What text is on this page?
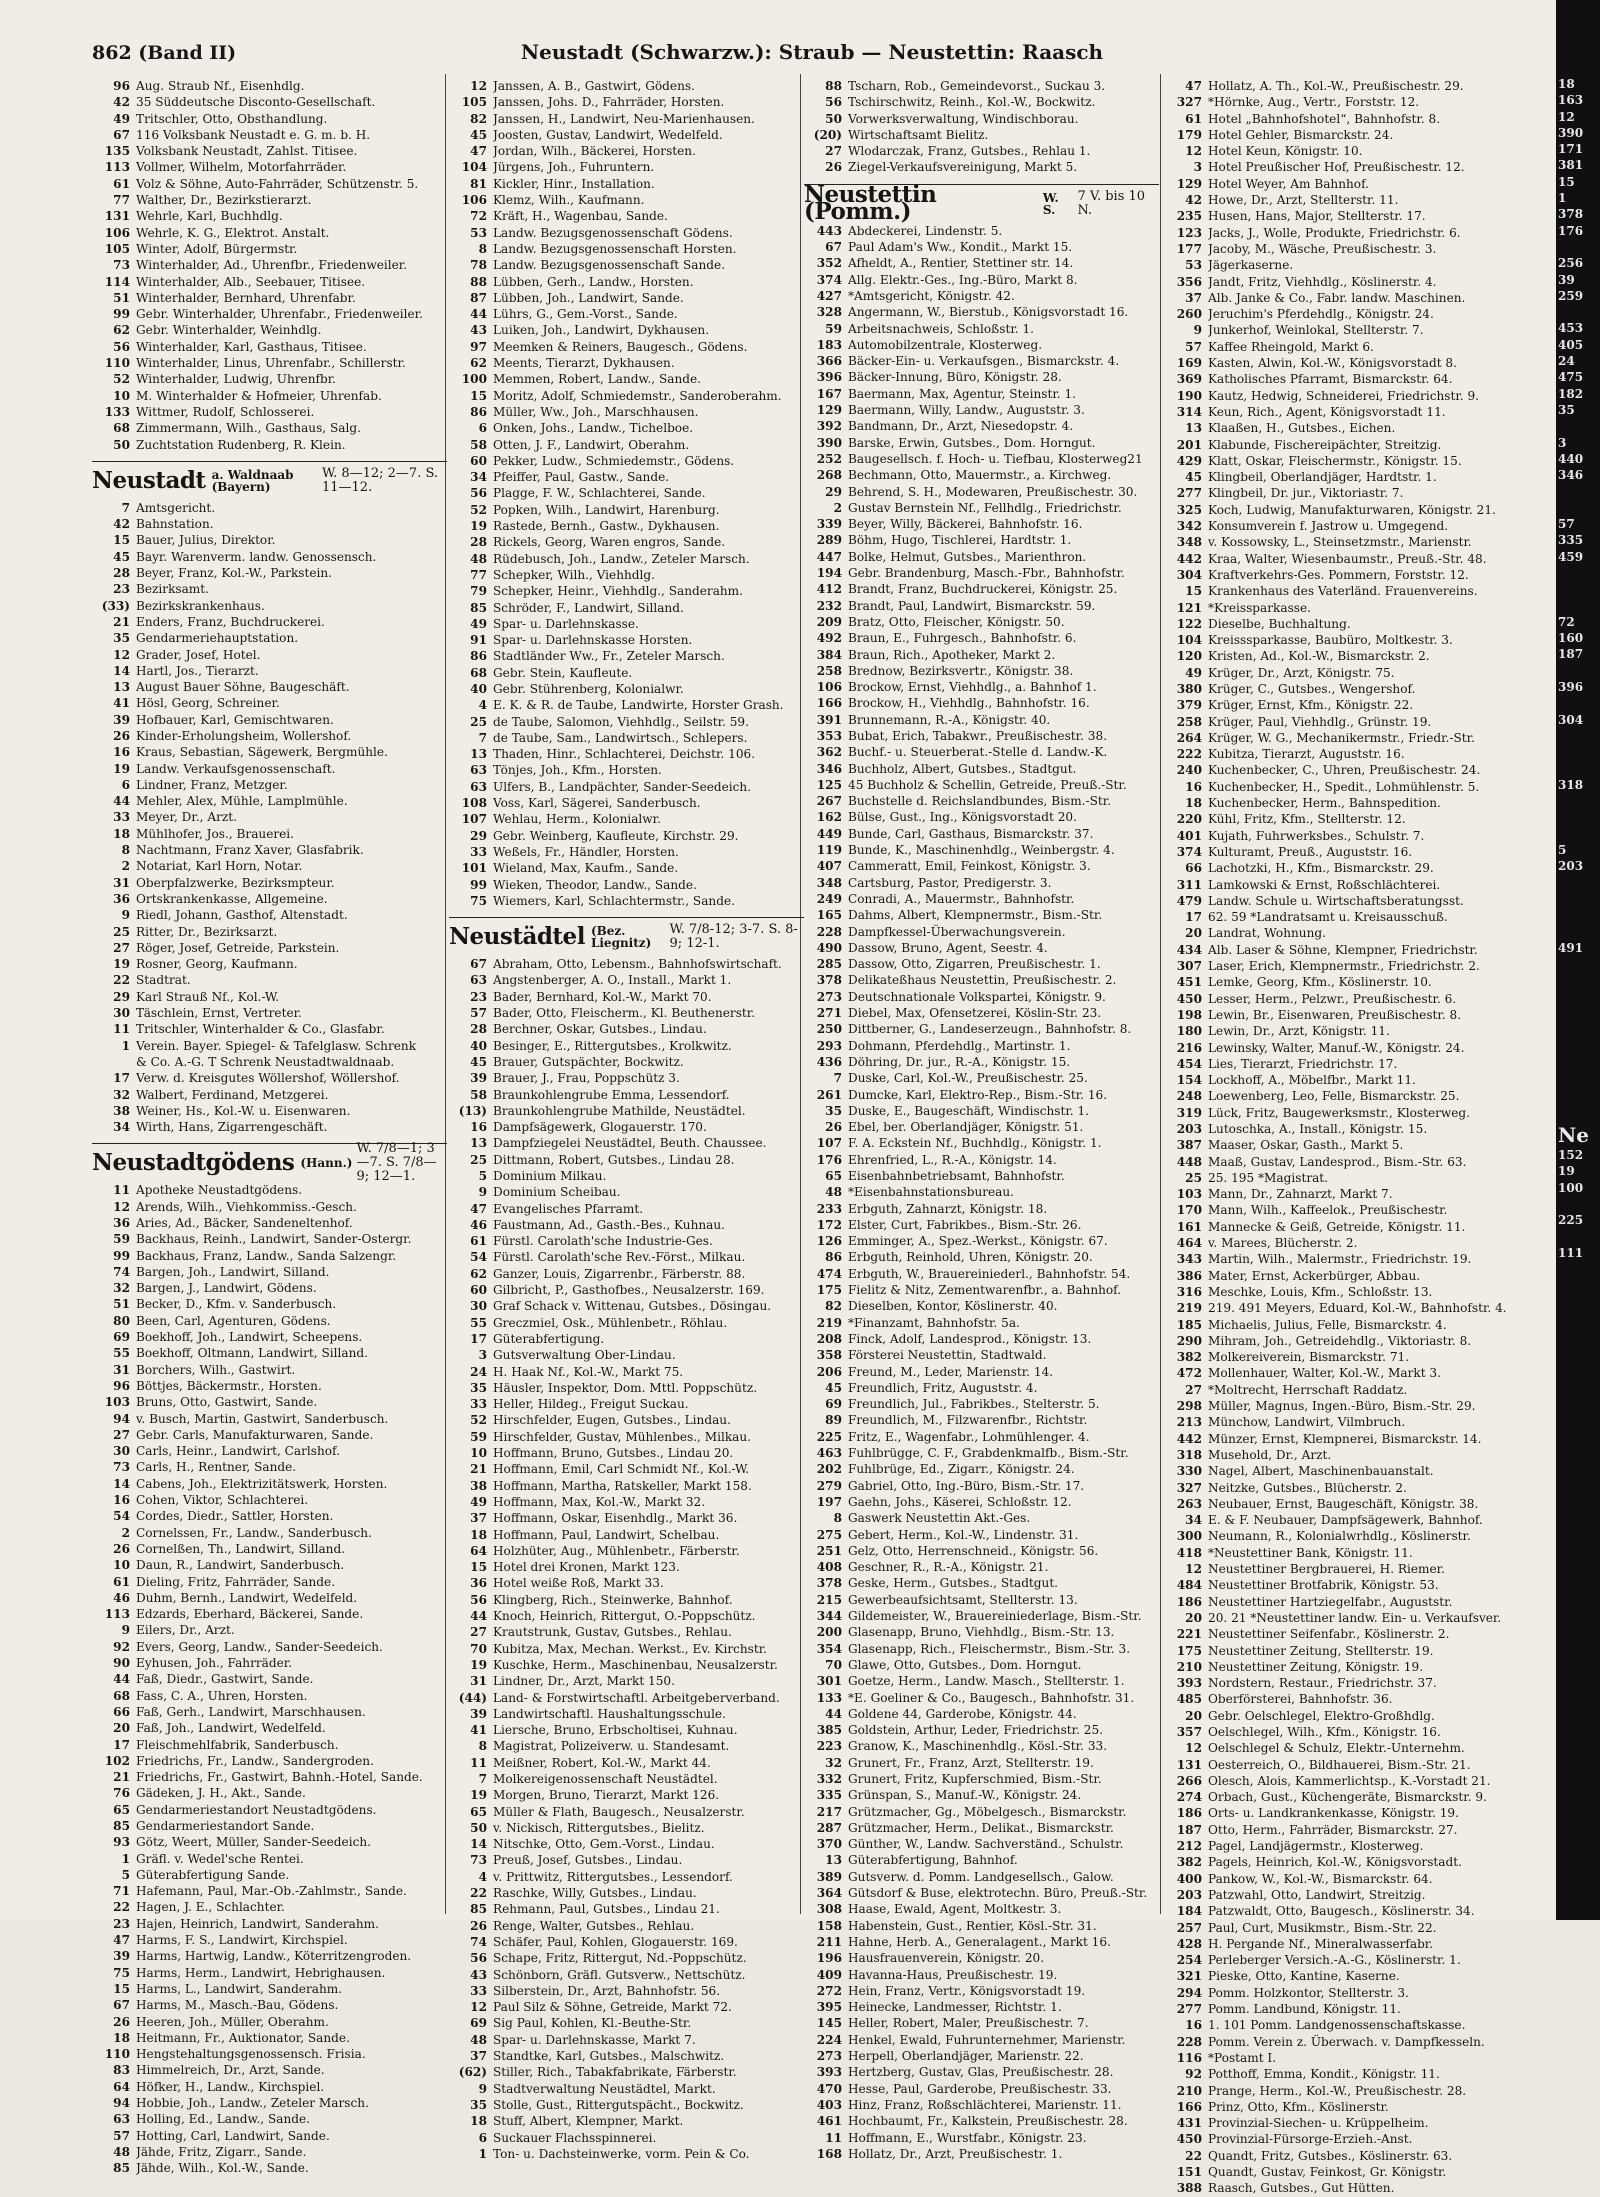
862 (Band II)	Neustadt (Schwarzw.): Straub — Neustettin: Raasch
96 Aug. Straub Nf., Eisenhdlg.
42 35 Süddeutsche Disconto-Gesellschaft.
49 Tritschler, Otto, Obsthandlung.
67 116 Volksbank Neustadt e. G. m. b. H.
135 Volksbank Neustadt, Zahlst. Titisee.
113 Vollmer, Wilhelm, Motorfahrräder.
61 Volz & Söhne, Auto-Fahrräder, Schützenstr. 5.
77 Walther, Dr., Bezirkstierarzt.
131 Wehrle, Karl, Buchhdlg.
106 Wehrle, K. G., Elektrot. Anstalt.
105 Winter, Adolf, Bürgermstr.
73 Winterhalder, Ad., Uhrenfbr., Friedenweiler.
114 Winterhalder, Alb., Seebauer, Titisee.
51 Winterhalder, Bernhard, Uhrenfabr.
99 Gebr. Winterhalder, Uhrenfabr., Friedenweiler.
62 Gebr. Winterhalder, Weinhdlg.
56 Winterhalder, Karl, Gasthaus, Titisee.
110 Winterhalder, Linus, Uhrenfabr., Schillerstr.
52 Winterhalder, Ludwig, Uhrenfbr.
10 M. Winterhalder & Hofmeier, Uhrenfab.
133 Wittmer, Rudolf, Schlosserei.
68 Zimmermann, Wilh., Gasthaus, Salg.
50 Zuchtstation Rudenberg, R. Klein.
Neustadt a. Waldnaab (Bayern)
W. 8—12; 2—7. S. 11—12.
7 Amtsgericht.
42 Bahnstation.
15 Bauer, Julius, Direktor.
45 Bayr. Warenverm. landw. Genossensch.
28 Beyer, Franz, Kol.-W., Parkstein.
23 Bezirksamt.
(33) Bezirkskrankenhaus.
21 Enders, Franz, Buchdruckerei.
35 Gendarmeriehauptstation.
12 Grader, Josef, Hotel.
14 Hartl, Jos., Tierarzt.
13 August Bauer Söhne, Baugeschäft.
41 Hösl, Georg, Schreiner.
39 Hofbauer, Karl, Gemischtwaren.
26 Kinder-Erholungsheim, Wollershof.
16 Kraus, Sebastian, Sägewerk, Bergmühle.
19 Landw. Verkaufsgenossenschaft.
6 Lindner, Franz, Metzger.
44 Mehler, Alex, Mühle, Lamplmühle.
33 Meyer, Dr., Arzt.
18 Mühlhofer, Jos., Brauerei.
8 Nachtmann, Franz Xaver, Glasfabrik.
2 Notariat, Karl Horn, Notar.
31 Oberpfalzwerke, Bezirksmpteur.
36 Ortskrankenkasse, Allgemeine.
9 Riedl, Johann, Gasthof, Altenstadt.
25 Ritter, Dr., Bezirksarzt.
27 Röger, Josef, Getreide, Parkstein.
19 Rosner, Georg, Kaufmann.
22 Stadtrat.
29 Karl Strauß Nf., Kol.-W.
30 Täschlein, Ernst, Vertreter.
11 Tritschler, Winterhalder & Co., Glasfabr.
1 Verein. Bayer. Spiegel- & Tafelglasw. Schrenk
& Co. A.-G. T Schrenk Neustadtwaldnaab.
17 Verw. d. Kreisgutes Wöllershof, Wöllershof.
32 Walbert, Ferdinand, Metzgerei.
38 Weiner, Hs., Kol.-W. u. Eisenwaren.
34 Wirth, Hans, Zigarrengeschäft.
Neustadtgödens (Hann.)
W. 7/8—1; 3—7. S. 7/8—9; 12—1.
11 Apotheke Neustadtgödens.
12 Arends, Wilh., Viehkommiss.-Gesch.
36 Aries, Ad., Bäcker, Sandeneltenhof.
59 Backhaus, Reinh., Landwirt, Sander-Ostergr.
99 Backhaus, Franz, Landw., Sanda Salzengr.
74 Bargen, Joh., Landwirt, Silland.
32 Bargen, J., Landwirt, Gödens.
51 Becker, D., Kfm. v. Sanderbusch.
80 Been, Carl, Agenturen, Gödens.
69 Boekhoff, Joh., Landwirt, Scheepens.
55 Boekhoff, Oltmann, Landwirt, Silland.
31 Borchers, Wilh., Gastwirt.
96 Böttjes, Bäckermstr., Horsten.
103 Bruns, Otto, Gastwirt, Sande.
94 v. Busch, Martin, Gastwirt, Sanderbusch.
27 Gebr. Carls, Manufakturwaren, Sande.
30 Carls, Heinr., Landwirt, Carlshof.
73 Carls, H., Rentner, Sande.
14 Cabens, Joh., Elektrizitätswerk, Horsten.
16 Cohen, Viktor, Schlachterei.
54 Cordes, Diedr., Sattler, Horsten.
2 Cornelssen, Fr., Landw., Sanderbusch.
26 Cornelßen, Th., Landwirt, Silland.
10 Daun, R., Landwirt, Sanderbusch.
61 Dieling, Fritz, Fahrräder, Sande.
46 Duhm, Bernh., Landwirt, Wedelfeld.
113 Edzards, Eberhard, Bäckerei, Sande.
9 Eilers, Dr., Arzt.
92 Evers, Georg, Landw., Sander-Seedeich.
90 Eyhusen, Joh., Fahrräder.
44 Faß, Diedr., Gastwirt, Sande.
68 Fass, C. A., Uhren, Horsten.
66 Faß, Gerh., Landwirt, Marschhausen.
20 Faß, Joh., Landwirt, Wedelfeld.
17 Fleischmehlfabrik, Sanderbusch.
102 Friedrichs, Fr., Landw., Sandergroden.
21 Friedrichs, Fr., Gastwirt, Bahnh.-Hotel, Sande.
76 Gädeken, J. H., Akt., Sande.
65 Gendarmeriestandort Neustadtgödens.
85 Gendarmeriestandort Sande.
93 Götz, Weert, Müller, Sander-Seedeich.
1 Gräfl. v. Wedel'sche Rentei.
5 Güterabfertigung Sande.
71 Hafemann, Paul, Mar.-Ob.-Zahlmstr., Sande.
22 Hagen, J. E., Schlachter.
23 Hajen, Heinrich, Landwirt, Sanderahm.
47 Harms, F. S., Landwirt, Kirchspiel.
39 Harms, Hartwig, Landw., Köterritzengroden.
75 Harms, Herm., Landwirt, Hebrighausen.
15 Harms, L., Landwirt, Sanderahm.
67 Harms, M., Masch.-Bau, Gödens.
26 Heeren, Joh., Müller, Oberahm.
18 Heitmann, Fr., Auktionator, Sande.
110 Hengstehaltungsgenossensch. Frisia.
83 Himmelreich, Dr., Arzt, Sande.
64 Höfker, H., Landw., Kirchspiel.
94 Hobbie, Joh., Landw., Zeteler Marsch.
63 Holling, Ed., Landw., Sande.
57 Hotting, Carl, Landwirt, Sande.
48 Jähde, Fritz, Zigarr., Sande.
85 Jähde, Wilh., Kol.-W., Sande.
12 Janssen, A. B., Gastwirt, Gödens.
105 Janssen, Johs. D., Fahrräder, Horsten.
82 Janssen, H., Landwirt, Neu-Marienhausen.
45 Joosten, Gustav, Landwirt, Wedelfeld.
47 Jordan, Wilh., Bäckerei, Horsten.
104 Jürgens, Joh., Fuhruntern.
81 Kickler, Hinr., Installation.
106 Klemz, Wilh., Kaufmann.
72 Kräft, H., Wagenbau, Sande.
53 Landw. Bezugsgenossenschaft Gödens.
8 Landw. Bezugsgenossenschaft Horsten.
78 Landw. Bezugsgenossenschaft Sande.
88 Lübben, Gerh., Landw., Horsten.
87 Lübben, Joh., Landwirt, Sande.
44 Lührs, G., Gem.-Vorst., Sande.
43 Luiken, Joh., Landwirt, Dykhausen.
97 Meemken & Reiners, Baugesch., Gödens.
62 Meents, Tierarzt, Dykhausen.
100 Memmen, Robert, Landw., Sande.
15 Moritz, Adolf, Schmiedemstr., Sanderoberahm.
86 Müller, Ww., Joh., Marschhausen.
6 Onken, Johs., Landw., Tichelboe.
58 Otten, J. F., Landwirt, Oberahm.
60 Pekker, Ludw., Schmiedemstr., Gödens.
34 Pfeiffer, Paul, Gastw., Sande.
56 Plagge, F. W., Schlachterei, Sande.
52 Popken, Wilh., Landwirt, Harenburg.
19 Rastede, Bernh., Gastw., Dykhausen.
28 Rickels, Georg, Waren engros, Sande.
48 Rüdebusch, Joh., Landw., Zeteler Marsch.
77 Schepker, Wilh., Viehhdlg.
79 Schepker, Heinr., Viehhdlg., Sanderahm.
85 Schröder, F., Landwirt, Silland.
49 Spar- u. Darlehnskasse.
91 Spar- u. Darlehnskasse Horsten.
86 Stadtländer Ww., Fr., Zeteler Marsch.
68 Gebr. Stein, Kaufleute.
40 Gebr. Stührenberg, Kolonialwr.
4 E. K. & R. de Taube, Landwirte, Horster Grash.
25 de Taube, Salomon, Viehhdlg., Seilstr. 59.
7 de Taube, Sam., Landwirtsch., Schlepers.
13 Thaden, Hinr., Schlachterei, Deichstr. 106.
63 Tönjes, Joh., Kfm., Horsten.
63 Ulfers, B., Landpächter, Sander-Seedeich.
108 Voss, Karl, Sägerei, Sanderbusch.
107 Wehlau, Herm., Kolonialwr.
29 Gebr. Weinberg, Kaufleute, Kirchstr. 29.
33 Weßels, Fr., Händler, Horsten.
101 Wieland, Max, Kaufm., Sande.
99 Wieken, Theodor, Landw., Sande.
75 Wiemers, Karl, Schlachtermstr., Sande.
Neustädtel (Bez. Liegnitz)
W. 7/8-12; 3-7. S. 8-9; 12-1.
67 Abraham, Otto, Lebensm., Bahnhofswirtschaft.
63 Angstenberger, A. O., Install., Markt 1.
23 Bader, Bernhard, Kol.-W., Markt 70.
57 Bader, Otto, Fleischerm., Kl. Beuthenerstr.
28 Berchner, Oskar, Gutsbes., Lindau.
40 Besinger, E., Rittergutsbes., Krolkwitz.
45 Brauer, Gutspächter, Bockwitz.
39 Brauer, J., Frau, Poppschütz 3.
58 Braunkohlengrube Emma, Lessendorf.
(13) Braunkohlengrube Mathilde, Neustädtel.
16 Dampfsägewerk, Glogauerstr. 170.
13 Dampfziegelei Neustädtel, Beuth. Chaussee.
25 Dittmann, Robert, Gutsbes., Lindau 28.
5 Dominium Milkau.
9 Dominium Scheibau.
47 Evangelisches Pfarramt.
46 Faustmann, Ad., Gasth.-Bes., Kuhnau.
61 Fürstl. Carolath'sche Industrie-Ges.
54 Fürstl. Carolath'sche Rev.-Först., Milkau.
62 Ganzer, Louis, Zigarrenbr., Färberstr. 88.
60 Gilbricht, P., Gasthofbes., Neusalzerstr. 169.
30 Graf Schack v. Wittenau, Gutsbes., Dösingau.
55 Greczmiel, Osk., Mühlenbetr., Röhlau.
17 Güterabfertigung.
3 Gutsverwaltung Ober-Lindau.
24 H. Haak Nf., Kol.-W., Markt 75.
35 Häusler, Inspektor, Dom. Mttl. Poppschütz.
33 Heller, Hildeg., Freigut Suckau.
52 Hirschfelder, Eugen, Gutsbes., Lindau.
59 Hirschfelder, Gustav, Mühlenbes., Milkau.
10 Hoffmann, Bruno, Gutsbes., Lindau 20.
21 Hoffmann, Emil, Carl Schmidt Nf., Kol.-W.
38 Hoffmann, Martha, Ratskeller, Markt 158.
49 Hoffmann, Max, Kol.-W., Markt 32.
37 Hoffmann, Oskar, Eisenhdlg., Markt 36.
18 Hoffmann, Paul, Landwirt, Schelbau.
64 Holzhüter, Aug., Mühlenbetr., Färberstr.
15 Hotel drei Kronen, Markt 123.
36 Hotel weiße Roß, Markt 33.
56 Klingberg, Rich., Steinwerke, Bahnhof.
44 Knoch, Heinrich, Rittergut, O.-Poppschütz.
27 Krautstrunk, Gustav, Gutsbes., Rehlau.
70 Kubitza, Max, Mechan. Werkst., Ev. Kirchstr.
19 Kuschke, Herm., Maschinenbau, Neusalzerstr.
31 Lindner, Dr., Arzt, Markt 150.
(44) Land- & Forstwirtschaftl. Arbeitgeberverband.
39 Landwirtschaftl. Haushaltungsschule.
41 Liersche, Bruno, Erbscholtisei, Kuhnau.
8 Magistrat, Polizeiverw. u. Standesamt.
11 Meißner, Robert, Kol.-W., Markt 44.
7 Molkereigenossenschaft Neustädtel.
19 Morgen, Bruno, Tierarzt, Markt 126.
65 Müller & Flath, Baugesch., Neusalzerstr.
50 v. Nickisch, Rittergutsbes., Bielitz.
14 Nitschke, Otto, Gem.-Vorst., Lindau.
73 Preuß, Josef, Gutsbes., Lindau.
4 v. Prittwitz, Rittergutsbes., Lessendorf.
22 Raschke, Willy, Gutsbes., Lindau.
85 Rehmann, Paul, Gutsbes., Lindau 21.
26 Renge, Walter, Gutsbes., Rehlau.
74 Schäfer, Paul, Kohlen, Glogauerstr. 169.
56 Schape, Fritz, Rittergut, Nd.-Poppschütz.
43 Schönborn, Gräfl. Gutsverw., Nettschütz.
33 Silberstein, Dr., Arzt, Bahnhofstr. 56.
12 Paul Silz & Söhne, Getreide, Markt 72.
69 Sig Paul, Kohlen, Kl.-Beuthe-Str.
48 Spar- u. Darlehnskasse, Markt 7.
37 Standtke, Karl, Gutsbes., Malschwitz.
(62) Stiller, Rich., Tabakfabrikate, Färberstr.
9 Stadtverwaltung Neustädtel, Markt.
35 Stolle, Gust., Rittergutspächt., Bockwitz.
18 Stuff, Albert, Klempner, Markt.
6 Suckauer Flachsspinnerei.
1 Ton- u. Dachsteinwerke, vorm. Pein & Co.
88 Tscharn, Rob., Gemeindevorst., Suckau 3.
56 Tschirschwitz, Reinh., Kol.-W., Bockwitz.
50 Vorwerksverwaltung, Windischborau.
(20) Wirtschaftsamt Bielitz.
27 Wlodarczak, Franz, Gutsbes., Rehlau 1.
26 Ziegel-Verkaufsvereinigung, Markt 5.
Neustettin (Pomm.)	W. S.
7 V. bis 10 N.
443 Abdeckerei, Lindenstr. 5.
67 Paul Adam's Ww., Kondit., Markt 15.
352 Afheldt, A., Rentier, Stettiner str. 14.
374 Allg. Elektr.-Ges., Ing.-Büro, Markt 8.
427 *Amtsgericht, Königstr. 42.
328 Angermann, W., Bierstub., Königsvorstadt 16.
59 Arbeitsnachweis, Schloßstr. 1.
183 Automobilzentrale, Klosterweg.
366 Bäcker-Ein- u. Verkaufsgen., Bismarckstr. 4.
396 Bäcker-Innung, Büro, Königstr. 28.
167 Baermann, Max, Agentur, Steinstr. 1.
129 Baermann, Willy, Landw., Auguststr. 3.
392 Bandmann, Dr., Arzt, Niesedopstr. 4.
390 Barske, Erwin, Gutsbes., Dom. Horngut.
252 Baugesellsch. f. Hoch- u. Tiefbau, Klosterweg21
268 Bechmann, Otto, Mauermstr., a. Kirchweg.
29 Behrend, S. H., Modewaren, Preußischestr. 30.
2 Gustav Bernstein Nf., Fellhdlg., Friedrichstr.
339 Beyer, Willy, Bäckerei, Bahnhofstr. 16.
289 Böhm, Hugo, Tischlerei, Hardtstr. 1.
447 Bolke, Helmut, Gutsbes., Marienthron.
194 Gebr. Brandenburg, Masch.-Fbr., Bahnhofstr.
412 Brandt, Franz, Buchdruckerei, Königstr. 25.
232 Brandt, Paul, Landwirt, Bismarckstr. 59.
209 Bratz, Otto, Fleischer, Königstr. 50.
492 Braun, E., Fuhrgesch., Bahnhofstr. 6.
384 Braun, Rich., Apotheker, Markt 2.
258 Brednow, Bezirksvertr., Königstr. 38.
106 Brockow, Ernst, Viehhdlg., a. Bahnhof 1.
166 Brockow, H., Viehhdlg., Bahnhofstr. 16.
391 Brunnemann, R.-A., Königstr. 40.
353 Bubat, Erich, Tabakwr., Preußischestr. 38.
362 Buchf.- u. Steuerberat.-Stelle d. Landw.-K.
346 Buchholz, Albert, Gutsbes., Stadtgut.
125 45 Buchholz & Schellin, Getreide, Preuß.-Str.
267 Buchstelle d. Reichslandbundes, Bism.-Str.
162 Bülse, Gust., Ing., Königsvorstadt 20.
449 Bunde, Carl, Gasthaus, Bismarckstr. 37.
119 Bunde, K., Maschinenhdlg., Weinbergstr. 4.
407 Cammeratt, Emil, Feinkost, Königstr. 3.
348 Cartsburg, Pastor, Predigerstr. 3.
249 Conradi, A., Mauermstr., Bahnhofstr.
165 Dahms, Albert, Klempnermstr., Bism.-Str.
228 Dampfkessel-Überwachungsverein.
490 Dassow, Bruno, Agent, Seestr. 4.
285 Dassow, Otto, Zigarren, Preußischestr. 1.
378 Delikateßhaus Neustettin, Preußischestr. 2.
273 Deutschnationale Volkspartei, Königstr. 9.
271 Diebel, Max, Ofensetzerei, Köslin-Str. 23.
250 Dittberner, G., Landeserzeugn., Bahnhofstr. 8.
293 Dohmann, Pferdehdlg., Martinstr. 1.
436 Döhring, Dr. jur., R.-A., Königstr. 15.
7 Duske, Carl, Kol.-W., Preußischestr. 25.
261 Dumcke, Karl, Elektro-Rep., Bism.-Str. 16.
35 Duske, E., Baugeschäft, Windischstr. 1.
26 Ebel, ber. Oberlandjäger, Königstr. 51.
107 F. A. Eckstein Nf., Buchhdlg., Königstr. 1.
176 Ehrenfried, L., R.-A., Königstr. 14.
65 Eisenbahnbetriebsamt, Bahnhofstr.
48 *Eisenbahnstationsbureau.
233 Erbguth, Zahnarzt, Königstr. 18.
172 Elster, Curt, Fabrikbes., Bism.-Str. 26.
126 Emminger, A., Spez.-Werkst., Königstr. 67.
86 Erbguth, Reinhold, Uhren, Königstr. 20.
474 Erbguth, W., Brauereiniederl., Bahnhofstr. 54.
175 Fielitz & Nitz, Zementwarenfbr., a. Bahnhof.
82 Dieselben, Kontor, Köslinerstr. 40.
219 *Finanzamt, Bahnhofstr. 5a.
208 Finck, Adolf, Landesprod., Königstr. 13.
358 Försterei Neustettin, Stadtwald.
206 Freund, M., Leder, Marienstr. 14.
45 Freundlich, Fritz, Auguststr. 4.
69 Freundlich, Jul., Fabrikbes., Stelterstr. 5.
89 Freundlich, M., Filzwarenfbr., Richtstr.
225 Fritz, E., Wagenfabr., Lohmühlenger. 4.
463 Fuhlbrügge, C. F., Grabdenkmalfb., Bism.-Str.
202 Fuhlbrüge, Ed., Zigarr., Königstr. 24.
279 Gabriel, Otto, Ing.-Büro, Bism.-Str. 17.
197 Gaehn, Johs., Käserei, Schloßstr. 12.
8 Gaswerk Neustettin Akt.-Ges.
275 Gebert, Herm., Kol.-W., Lindenstr. 31.
251 Gelz, Otto, Herrenschneid., Königstr. 56.
408 Geschner, R., R.-A., Königstr. 21.
378 Geske, Herm., Gutsbes., Stadtgut.
215 Gewerbeaufsichtsamt, Stellterstr. 13.
344 Gildemeister, W., Brauereiniederlage, Bism.-Str.
200 Glasenapp, Bruno, Viehhdlg., Bism.-Str. 13.
354 Glasenapp, Rich., Fleischermstr., Bism.-Str. 3.
70 Glawe, Otto, Gutsbes., Dom. Horngut.
301 Goetze, Herm., Landw. Masch., Stellterstr. 1.
133 *E. Goeliner & Co., Baugesch., Bahnhofstr. 31.
44 Goldene 44, Garderobe, Königstr. 44.
385 Goldstein, Arthur, Leder, Friedrichstr. 25.
223 Granow, K., Maschinenhdlg., Kösl.-Str. 33.
32 Grunert, Fr., Franz, Arzt, Stellterstr. 19.
332 Grunert, Fritz, Kupferschmied, Bism.-Str.
335 Grünspan, S., Manuf.-W., Königstr. 24.
217 Grützmacher, Gg., Möbelgesch., Bismarckstr.
287 Grützmacher, Herm., Delikat., Bismarckstr.
370 Günther, W., Landw. Sachverständ., Schulstr.
13 Güterabfertigung, Bahnhof.
389 Gutsverw. d. Pomm. Landgesellsch., Galow.
364 Gütsdorf & Buse, elektrotechn. Büro, Preuß.-Str.
308 Haase, Ewald, Agent, Moltkestr. 3.
158 Habenstein, Gust., Rentier, Kösl.-Str. 31.
211 Hahne, Herb. A., Generalagent., Markt 16.
196 Hausfrauenverein, Königstr. 20.
409 Havanna-Haus, Preußischestr. 19.
272 Hein, Franz, Vertr., Königsvorstadt 19.
395 Heinecke, Landmesser, Richtstr. 1.
145 Heller, Robert, Maler, Preußischestr. 7.
224 Henkel, Ewald, Fuhrunternehmer, Marienstr.
273 Herpell, Oberlandjäger, Marienstr. 22.
393 Hertzberg, Gustav, Glas, Preußischestr. 28.
470 Hesse, Paul, Garderobe, Preußischestr. 33.
403 Hinz, Franz, Roßschlächterei, Marienstr. 11.
461 Hochbaumt, Fr., Kalkstein, Preußischestr. 28.
11 Hoffmann, E., Wurstfabr., Königstr. 23.
168 Hollatz, Dr., Arzt, Preußischestr. 1.
47 Hollatz, A. Th., Kol.-W., Preußischestr. 29.
327 *Hörnke, Aug., Vertr., Forststr. 12.
61 Hotel „Bahnhofshotel“, Bahnhofstr. 8.
179 Hotel Gehler, Bismarckstr. 24.
12 Hotel Keun, Königstr. 10.
3 Hotel Preußischer Hof, Preußischestr. 12.
129 Hotel Weyer, Am Bahnhof.
42 Howe, Dr., Arzt, Stellterstr. 11.
235 Husen, Hans, Major, Stellterstr. 17.
123 Jacks, J., Wolle, Produkte, Friedrichstr. 6.
177 Jacoby, M., Wäsche, Preußischestr. 3.
53 Jägerkaserne.
356 Jandt, Fritz, Viehhdlg., Köslinerstr. 4.
37 Alb. Janke & Co., Fabr. landw. Maschinen.
260 Jeruchim's Pferdehdlg., Königstr. 24.
9 Junkerhof, Weinlokal, Stellterstr. 7.
57 Kaffee Rheingold, Markt 6.
169 Kasten, Alwin, Kol.-W., Königsvorstadt 8.
369 Katholisches Pfarramt, Bismarckstr. 64.
190 Kautz, Hedwig, Schneiderei, Friedrichstr. 9.
314 Keun, Rich., Agent, Königsvorstadt 11.
13 Klaaßen, H., Gutsbes., Eichen.
201 Klabunde, Fischereipächter, Streitzig.
429 Klatt, Oskar, Fleischermstr., Königstr. 15.
45 Klingbeil, Oberlandjäger, Hardtstr. 1.
277 Klingbeil, Dr. jur., Viktoriastr. 7.
325 Koch, Ludwig, Manufakturwaren, Königstr. 21.
342 Konsumverein f. Jastrow u. Umgegend.
348 v. Kossowsky, L., Steinsetzmstr., Marienstr.
442 Kraa, Walter, Wiesenbaumstr., Preuß.-Str. 48.
304 Kraftverkehrs-Ges. Pommern, Forststr. 12.
15 Krankenhaus des Vaterländ. Frauenvereins.
121 *Kreissparkasse.
122 Dieselbe, Buchhaltung.
104 Kreisssparkasse, Baubüro, Moltkestr. 3.
120 Kristen, Ad., Kol.-W., Bismarckstr. 2.
49 Krüger, Dr., Arzt, Königstr. 75.
380 Krüger, C., Gutsbes., Wengershof.
379 Krüger, Ernst, Kfm., Königstr. 22.
258 Krüger, Paul, Viehhdlg., Grünstr. 19.
264 Krüger, W. G., Mechanikermstr., Friedr.-Str.
222 Kubitza, Tierarzt, Auguststr. 16.
240 Kuchenbecker, C., Uhren, Preußischestr. 24.
16 Kuchenbecker, H., Spedit., Lohmühlenstr. 5.
18 Kuchenbecker, Herm., Bahnspedition.
220 Kühl, Fritz, Kfm., Stellterstr. 12.
401 Kujath, Fuhrwerksbes., Schulstr. 7.
374 Kulturamt, Preuß., Auguststr. 16.
66 Lachotzki, H., Kfm., Bismarckstr. 29.
311 Lamkowski & Ernst, Roßschlächterei.
479 Landw. Schule u. Wirtschaftsberatungsst.
17 62. 59 *Landratsamt u. Kreisausschuß.
20 Landrat, Wohnung.
434 Alb. Laser & Söhne, Klempner, Friedrichstr.
307 Laser, Erich, Klempnermstr., Friedrichstr. 2.
451 Lemke, Georg, Kfm., Köslinerstr. 10.
450 Lesser, Herm., Pelzwr., Preußischestr. 6.
198 Lewin, Br., Eisenwaren, Preußischestr. 8.
180 Lewin, Dr., Arzt, Königstr. 11.
216 Lewinsky, Walter, Manuf.-W., Königstr. 24.
454 Lies, Tierarzt, Friedrichstr. 17.
154 Lockhoff, A., Möbelfbr., Markt 11.
248 Loewenberg, Leo, Felle, Bismarckstr. 25.
319 Lück, Fritz, Baugewerksmstr., Klosterweg.
203 Lutoschka, A., Install., Königstr. 15.
387 Maaser, Oskar, Gasth., Markt 5.
448 Maaß, Gustav, Landesprod., Bism.-Str. 63.
25 25. 195 *Magistrat.
103 Mann, Dr., Zahnarzt, Markt 7.
170 Mann, Wilh., Kaffeelok., Preußischestr.
161 Mannecke & Geiß, Getreide, Königstr. 11.
464 v. Marees, Blücherstr. 2.
343 Martin, Wilh., Malermstr., Friedrichstr. 19.
386 Mater, Ernst, Ackerbürger, Abbau.
316 Meschke, Louis, Kfm., Schloßstr. 13.
219 219. 491 Meyers, Eduard, Kol.-W., Bahnhofstr. 4.
185 Michaelis, Julius, Felle, Bismarckstr. 4.
290 Mihram, Joh., Getreidehdlg., Viktoriastr. 8.
382 Molkereiverein, Bismarckstr. 71.
472 Mollenhauer, Walter, Kol.-W., Markt 3.
27 *Moltrecht, Herrschaft Raddatz.
298 Müller, Magnus, Ingen.-Büro, Bism.-Str. 29.
213 Münchow, Landwirt, Vilmbruch.
442 Münzer, Ernst, Klempnerei, Bismarckstr. 14.
318 Musehold, Dr., Arzt.
330 Nagel, Albert, Maschinenbauanstalt.
327 Neitzke, Gutsbes., Blücherstr. 2.
263 Neubauer, Ernst, Baugeschäft, Königstr. 38.
34 E. & F. Neubauer, Dampfsägewerk, Bahnhof.
300 Neumann, R., Kolonialwrhdlg., Köslinerstr.
418 *Neustettiner Bank, Königstr. 11.
12 Neustettiner Bergbrauerei, H. Riemer.
484 Neustettiner Brotfabrik, Königstr. 53.
186 Neustettiner Hartziegelfabr., Auguststr.
20 20. 21 *Neustettiner landw. Ein- u. Verkaufsver.
221 Neustettiner Seifenfabr., Köslinerstr. 2.
175 Neustettiner Zeitung, Stellterstr. 19.
210 Neustettiner Zeitung, Königstr. 19.
393 Nordstern, Restaur., Friedrichstr. 37.
485 Oberförsterei, Bahnhofstr. 36.
20 Gebr. Oelschlegel, Elektro-Großhdlg.
357 Oelschlegel, Wilh., Kfm., Königstr. 16.
12 Oelschlegel & Schulz, Elektr.-Unternehm.
131 Oesterreich, O., Bildhauerei, Bism.-Str. 21.
266 Olesch, Alois, Kammerlichtsp., K.-Vorstadt 21.
274 Orbach, Gust., Küchengeräte, Bismarckstr. 9.
186 Orts- u. Landkrankenkasse, Königstr. 19.
187 Otto, Herm., Fahrräder, Bismarckstr. 27.
212 Pagel, Landjägermstr., Klosterweg.
382 Pagels, Heinrich, Kol.-W., Königsvorstadt.
400 Pankow, W., Kol.-W., Bismarckstr. 64.
203 Patzwahl, Otto, Landwirt, Streitzig.
184 Patzwaldt, Otto, Baugesch., Köslinerstr. 34.
257 Paul, Curt, Musikmstr., Bism.-Str. 22.
428 H. Pergande Nf., Mineralwasserfabr.
254 Perleberger Versich.-A.-G., Köslinerstr. 1.
321 Pieske, Otto, Kantine, Kaserne.
294 Pomm. Holzkontor, Stellterstr. 3.
277 Pomm. Landbund, Königstr. 11.
16 1. 101 Pomm. Landgenossenschaftskasse.
228 Pomm. Verein z. Überwach. v. Dampfkesseln.
116 *Postamt I.
92 Potthoff, Emma, Kondit., Königstr. 11.
210 Prange, Herm., Kol.-W., Preußischestr. 28.
166 Prinz, Otto, Kfm., Köslinerstr.
431 Provinzial-Siechen- u. Krüppelheim.
450 Provinzial-Fürsorge-Erzieh.-Anst.
22 Quandt, Fritz, Gutsbes., Köslinerstr. 63.
151 Quandt, Gustav, Feinkost, Gr. Königstr.
388 Raasch, Gutsbes., Gut Hütten.
18
163
12
390
171
381
15
1
378
176

256
39
259

453
405
24
475
182
35

3
440
346

57
335
459

72
160
187

396

304

318

5
203

491

Ne
152
19
100

225

111
